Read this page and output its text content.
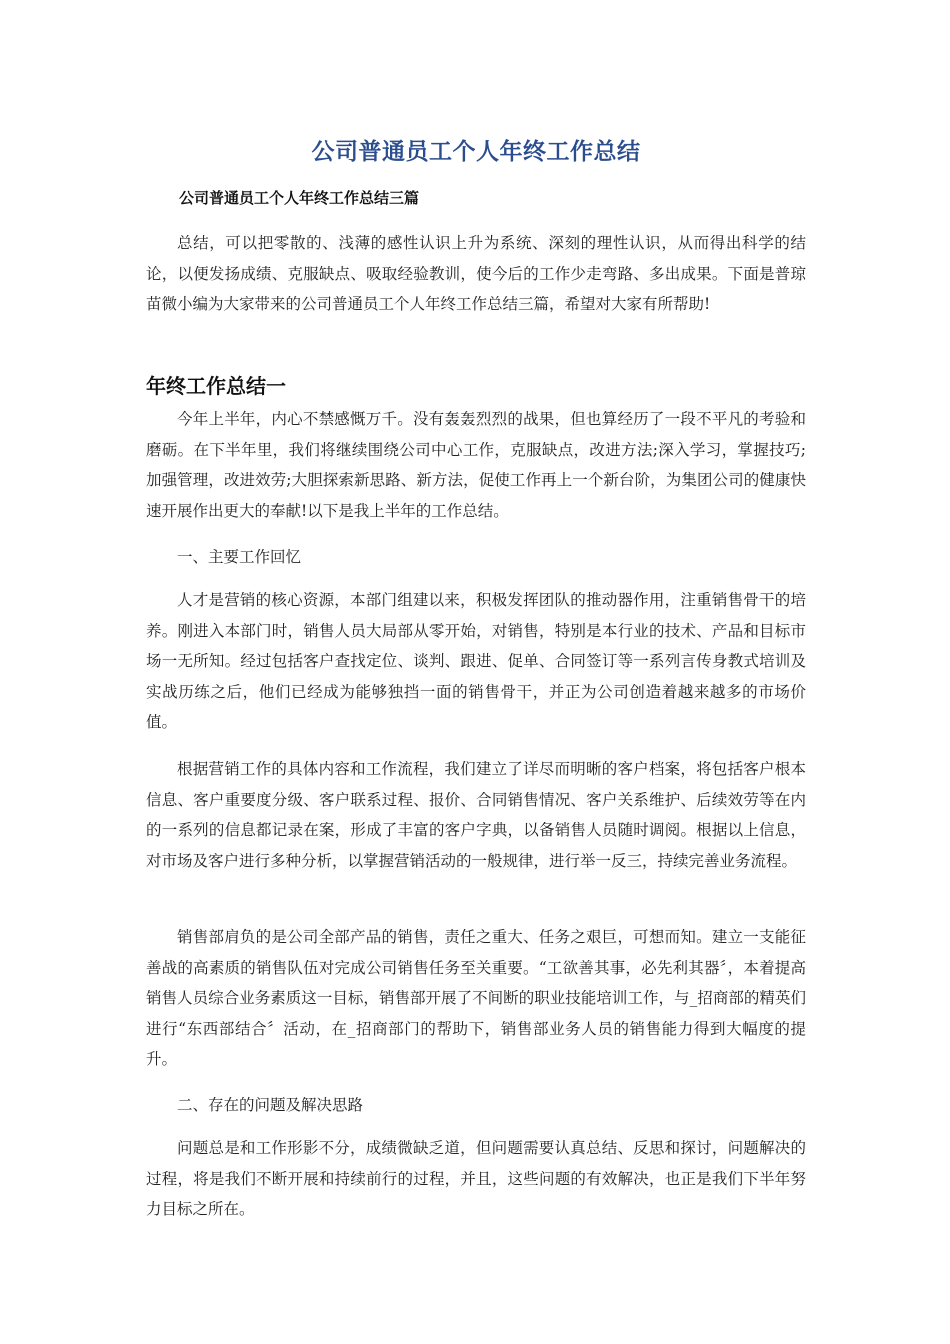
公司普通员工个人年终工作总结
公司普通员工个人年终工作总结三篇

总结，可以把零散的、浅薄的感性认识上升为系统、深刻的理性认识，从而得出科学的结论，以便发扬成绩、克服缺点、吸取经验教训，使今后的工作少走弯路、多出成果。下面是普琼苗微小编为大家带来的公司普通员工个人年终工作总结三篇，希望对大家有所帮助!

年终工作总结一

今年上半年，内心不禁感慨万千。没有轰轰烈烈的战果，但也算经历了一段不平凡的考验和磨砺。在下半年里，我们将继续围绕公司中心工作，克服缺点，改进方法;深入学习，掌握技巧;加强管理，改进效劳;大胆探索新思路、新方法，促使工作再上一个新台阶，为集团公司的健康快速开展作出更大的奉献!以下是我上半年的工作总结。

一、主要工作回忆

人才是营销的核心资源，本部门组建以来，积极发挥团队的推动器作用，注重销售骨干的培养。刚进入本部门时，销售人员大局部从零开始，对销售，特别是本行业的技术、产品和目标市场一无所知。经过包括客户查找定位、谈判、跟进、促单、合同签订等一系列言传身教式培训及实战历练之后，他们已经成为能够独挡一面的销售骨干，并正为公司创造着越来越多的市场价值。

根据营销工作的具体内容和工作流程，我们建立了详尽而明晰的客户档案，将包括客户根本信息、客户重要度分级、客户联系过程、报价、合同销售情况、客户关系维护、后续效劳等在内的一系列的信息都记录在案，形成了丰富的客户字典，以备销售人员随时调阅。根据以上信息，对市场及客户进行多种分析，以掌握营销活动的一般规律，进行举一反三，持续完善业务流程。

销售部肩负的是公司全部产品的销售，责任之重大、任务之艰巨，可想而知。建立一支能征善战的高素质的销售队伍对完成公司销售任务至关重要。“工欲善其事，必先利其器〞，本着提高销售人员综合业务素质这一目标，销售部开展了不间断的职业技能培训工作，与_招商部的精英们进行“东西部结合〞活动，在_招商部门的帮助下，销售部业务人员的销售能力得到大幅度的提升。

二、存在的问题及解决思路

问题总是和工作形影不分，成绩微缺乏道，但问题需要认真总结、反思和探讨，问题解决的过程，将是我们不断开展和持续前行的过程，并且，这些问题的有效解决，也正是我们下半年努力目标之所在。
